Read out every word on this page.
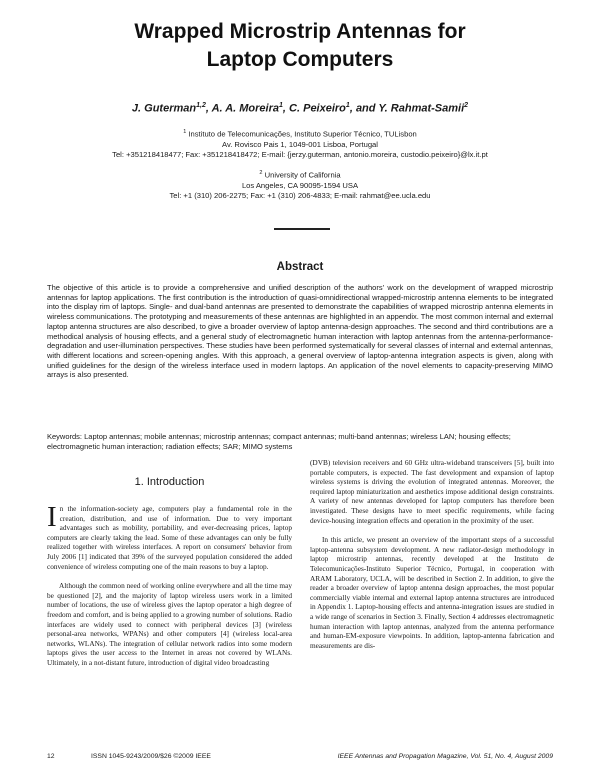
Wrapped Microstrip Antennas for
Laptop Computers
J. Guterman$^{1,2}$, A. A. Moreira$^1$, C. Peixeiro$^1$, and Y. Rahmat-Samii$^2$
$^1$ Instituto de Telecomunicações, Instituto Superior Técnico, TULisbon
Av. Rovisco Pais 1, 1049-001 Lisboa, Portugal
Tel: +351218418477; Fax: +351218418472; E-mail: {jerzy.guterman, antonio.moreira, custodio.peixeiro}@lx.it.pt
$^2$ University of California
Los Angeles, CA 90095-1594 USA
Tel: +1 (310) 206-2275; Fax: +1 (310) 206-4833; E-mail: rahmat@ee.ucla.edu
Abstract
The objective of this article is to provide a comprehensive and unified description of the authors' work on the development of wrapped microstrip antennas for laptop applications. The first contribution is the introduction of quasi-omnidirectional wrapped-microstrip antenna elements to be integrated into the display rim of laptops. Single- and dual-band antennas are presented to demonstrate the capabilities of wrapped microstrip antenna elements in wireless communications. The prototyping and measurements of these antennas are highlighted in an appendix. The most common internal and external laptop antenna structures are also described, to give a broader overview of laptop antenna-design approaches. The second and third contributions are a methodical analysis of housing effects, and a general study of electromagnetic human interaction with laptop antennas from the antenna-performance-degradation and user-illumination perspectives. These studies have been performed systematically for several classes of internal and external antennas, with different locations and screen-opening angles. With this approach, a general overview of laptop-antenna integration aspects is given, along with unified guidelines for the design of the wireless interface used in modern laptops. An application of the novel elements to capacity-preserving MIMO arrays is also presented.
Keywords: Laptop antennas; mobile antennas; microstrip antennas; compact antennas; multi-band antennas; wireless LAN; housing effects; electromagnetic human interaction; radiation effects; SAR; MIMO systems
1. Introduction

In the information-society age, computers play a fundamental role in the creation, distribution, and use of information. Due to very important advantages such as mobility, portability, and ever-decreasing prices, laptop computers are clearly taking the lead. Some of these advantages can only be fully realized together with wireless interfaces. A report on consumers' behavior from July 2006 [1] indicated that 39% of the surveyed population considered the added convenience of wireless computing one of the main reasons to buy a laptop.

Although the common need of working online everywhere and all the time may be questioned [2], and the majority of laptop wireless users work in a limited number of locations, the use of wireless gives the laptop operator a high degree of freedom and comfort, and is being applied to a growing number of solutions. Radio interfaces are widely used to connect with peripheral devices [3] (wireless personal-area networks, WPANs) and other computers [4] (wireless local-area networks, WLANs). The integration of cellular network radios into some modern laptops gives the user access to the Internet in areas not covered by WLANs. Ultimately, in a not-distant future, introduction of digital video broadcasting

(DVB) television receivers and 60 GHz ultra-wideband transceivers [5], built into portable computers, is expected. The fast development and expansion of laptop wireless systems is driving the evolution of integrated antennas. Moreover, the required laptop miniaturization and aesthetics impose additional design constraints. A variety of new antennas developed for laptop computers has therefore been investigated. These designs have to meet specific requirements, while facing device-housing integration effects and operation in the proximity of the user.

In this article, we present an overview of the important steps of a successful laptop-antenna subsystem development. A new radiator-design methodology in laptop microstrip antennas, recently developed at the Instituto de Telecomunicações-Instituto Superior Técnico, Portugal, in cooperation with ARAM Laboratory, UCLA, will be described in Section 2. In addition, to give the reader a broader overview of laptop antenna design approaches, the most popular commercially viable internal and external laptop antenna structures are introduced in Appendix 1. Laptop-housing effects and antenna-integration issues are studied in a wide range of scenarios in Section 3. Finally, Section 4 addresses electromagnetic human interaction with laptop antennas, analyzed from the antenna performance and human-EM-exposure viewpoints. In addition, laptop-antenna fabrication and measurements are dis-

12	ISSN 1045-9243/2009/$26 ©2009 IEEE	IEEE Antennas and Propagation Magazine, Vol. 51, No. 4, August 2009
